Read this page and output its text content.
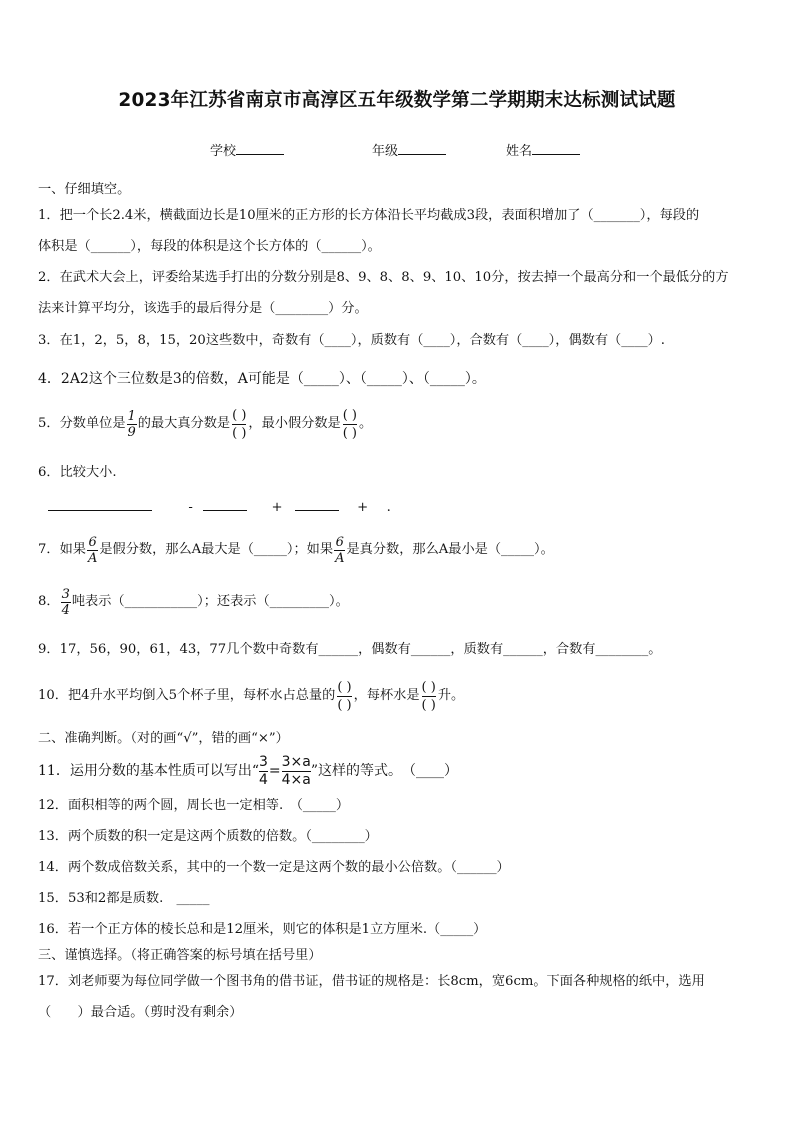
2023年江苏省南京市高淳区五年级数学第二学期期末达标测试试题
学校	年级	姓名
一、仔细填空。
1．把一个长2.4米，横截面边长是10厘米的正方形的长方体沿长平均截成3段，表面积增加了（_______），每段的
体积是（______），每段的体积是这个长方体的（______）。
2．在武术大会上，评委给某选手打出的分数分别是8、9、8、8、9、10、10分，按去掉一个最高分和一个最低分的方
法来计算平均分，该选手的最后得分是（________）分。
3．在1，2，5，8，15，20这些数中，奇数有（____），质数有（____），合数有（____），偶数有（____）.
4．2A2这个三位数是3的倍数，A可能是（_____）、（_____）、（_____）。
5．分数单位是 $\frac{1}{9}$ 的最大真分数是
( )
( )
，最小假分数是
( )
( )
。
6．比较大小.
-	+	+ .
7．如果 $\frac{6}{A}$ 是假分数，那么A最大是（_____）；如果 $\frac{6}{A}$ 是真分数，那么A最小是（_____）。
8． $\frac{3}{4}$ 吨表示（___________）；还表示（_________）。
9．17，56，90，61，43，77几个数中奇数有______，偶数有______，质数有______，合数有________。
10．把4升水平均倒入5个杯子里，每杯水占总量的
( )
( )
，每杯水是
( )
( )
升。
二、准确判断。（对的画“√”，错的画“×”）
11．运用分数的基本性质可以写出“ $\frac{3}{4} = \frac{3\times a}{4\times a}$ ”这样的等式。　（____）
12．面积相等的两个圆，周长也一定相等.　（_____）
13．两个质数的积一定是这两个质数的倍数。（________）
14．两个数成倍数关系，其中的一个数一定是这两个数的最小公倍数。（______）
15．53和2都是质数.　_____
16．若一个正方体的棱长总和是12厘米，则它的体积是1立方厘米.（_____）
三、谨慎选择。（将正确答案的标号填在括号里）
17．刘老师要为每位同学做一个图书角的借书证，借书证的规格是：长8cm，宽6cm。下面各种规格的纸中，选用
（　　）最合适。（剪时没有剩余）
